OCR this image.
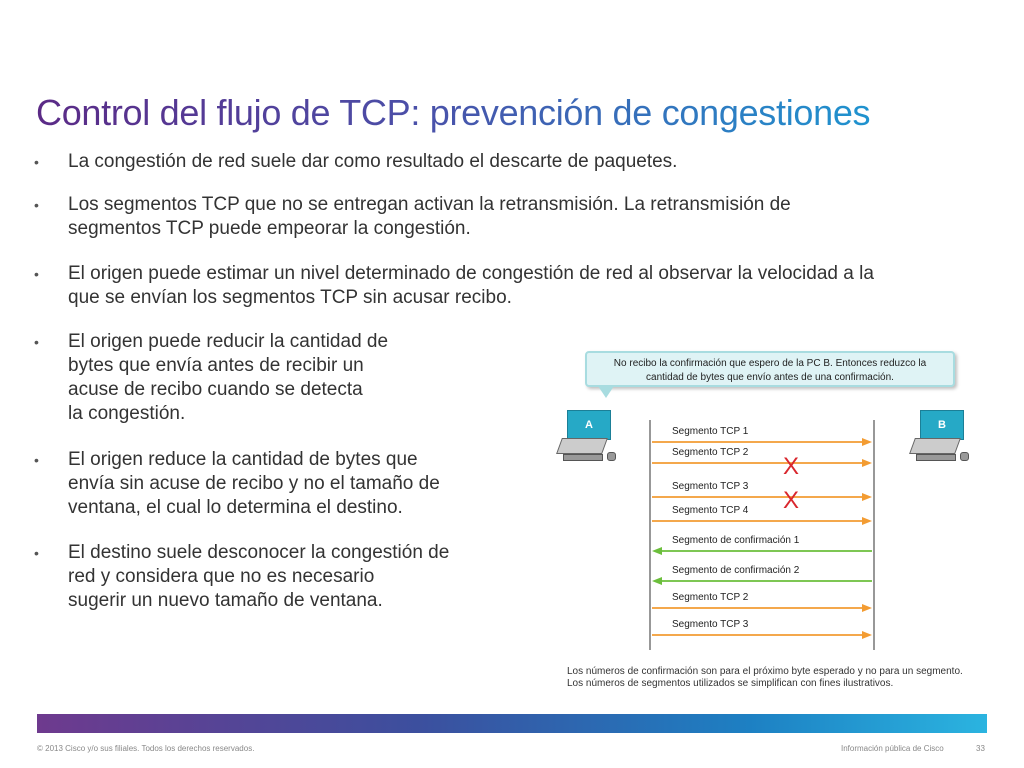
Control del flujo de TCP: prevención de congestiones
• La congestión de red suele dar como resultado el descarte de paquetes.
• Los segmentos TCP que no se entregan activan la retransmisión. La retransmisión de
segmentos TCP puede empeorar la congestión.
• El origen puede estimar un nivel determinado de congestión de red al observar la velocidad a la
que se envían los segmentos TCP sin acusar recibo.
• El origen puede reducir la cantidad de
bytes que envía antes de recibir un
acuse de recibo cuando se detecta
la congestión.
• El origen reduce la cantidad de bytes que
envía sin acuse de recibo y no el tamaño de
ventana, el cual lo determina el destino.
• El destino suele desconocer la congestión de
red y considera que no es necesario
sugerir un nuevo tamaño de ventana.
No recibo la confirmación que espero de la PC B. Entonces reduzco la
cantidad de bytes que envío antes de una confirmación.
A	B
Segmento TCP 1
Segmento TCP 2
X
Segmento TCP 3
X
Segmento TCP 4
Segmento de confirmación 1
Segmento de confirmación 2
Segmento TCP 2
Segmento TCP 3
Los números de confirmación son para el próximo byte esperado y no para un segmento.
Los números de segmentos utilizados se simplifican con fines ilustrativos.
© 2013 Cisco y/o sus filiales. Todos los derechos reservados.	Información pública de Cisco	33
